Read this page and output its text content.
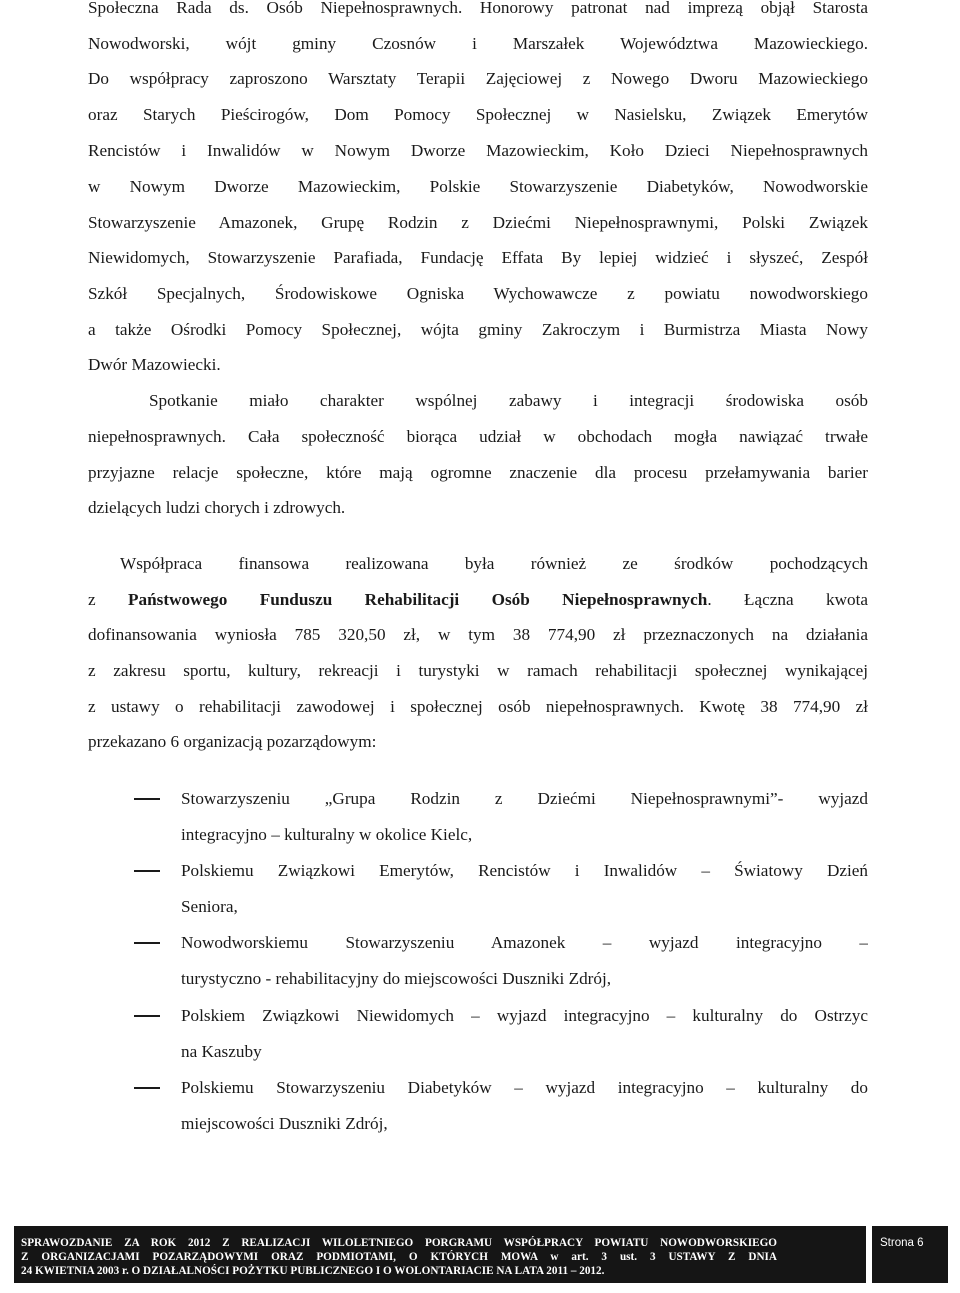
Społeczna Rada ds. Osób Niepełnosprawnych. Honorowy patronat nad imprezą objął Starosta
Nowodworski, wójt gminy Czosnów i Marszałek Województwa Mazowieckiego.
Do współpracy zaproszono Warsztaty Terapii Zajęciowej z Nowego Dworu Mazowieckiego
oraz Starych Pieścirogów, Dom Pomocy Społecznej w Nasielsku, Związek Emerytów
Rencistów i Inwalidów w Nowym Dworze Mazowieckim, Koło Dzieci Niepełnosprawnych
w Nowym Dworze Mazowieckim, Polskie Stowarzyszenie Diabetyków, Nowodworskie
Stowarzyszenie Amazonek, Grupę Rodzin z Dziećmi Niepełnosprawnymi, Polski Związek
Niewidomych, Stowarzyszenie Parafiada, Fundację Effata By lepiej widzieć i słyszeć, Zespół
Szkół Specjalnych, Środowiskowe Ogniska Wychowawcze z powiatu nowodworskiego
a także Ośrodki Pomocy Społecznej, wójta gminy Zakroczym i Burmistrza Miasta Nowy
Dwór Mazowiecki.
Spotkanie miało charakter wspólnej zabawy i integracji środowiska osób
niepełnosprawnych. Cała społeczność biorąca udział w obchodach mogła nawiązać trwałe
przyjazne relacje społeczne, które mają ogromne znaczenie dla procesu przełamywania barier
dzielących ludzi chorych i zdrowych.
Współpraca finansowa realizowana była również ze środków pochodzących
z Państwowego Funduszu Rehabilitacji Osób Niepełnosprawnych. Łączna kwota
dofinansowania wyniosła 785 320,50 zł, w tym 38 774,90 zł przeznaczonych na działania
z zakresu sportu, kultury, rekreacji i turystyki w ramach rehabilitacji społecznej wynikającej
z ustawy o rehabilitacji zawodowej i społecznej osób niepełnosprawnych. Kwotę 38 774,90 zł
przekazano 6 organizacją pozarządowym:
Stowarzyszeniu „Grupa Rodzin z Dziećmi Niepełnosprawnymi”- wyjazd
integracyjno – kulturalny w okolice Kielc,
Polskiemu Związkowi Emerytów, Rencistów i Inwalidów – Światowy Dzień
Seniora,
Nowodworskiemu Stowarzyszeniu Amazonek – wyjazd integracyjno –
turystyczno - rehabilitacyjny do miejscowości Duszniki Zdrój,
Polskiem Związkowi Niewidomych – wyjazd integracyjno – kulturalny do Ostrzyc
na Kaszuby
Polskiemu Stowarzyszeniu Diabetyków – wyjazd integracyjno – kulturalny do
miejscowości Duszniki Zdrój,
SPRAWOZDANIE ZA ROK 2012 Z REALIZACJI WILOLETNIEGO PORGRAMU WSPÓŁPRACY POWIATU NOWODWORSKIEGO
Z ORGANIZACJAMI POZARZĄDOWYMI ORAZ PODMIOTAMI, O KTÓRYCH MOWA w art. 3 ust. 3 USTAWY Z DNIA
24 KWIETNIA 2003 r. O DZIAŁALNOŚCI POŻYTKU PUBLICZNEGO I O WOLONTARIACIE NA LATA 2011 – 2012.
Strona 6
